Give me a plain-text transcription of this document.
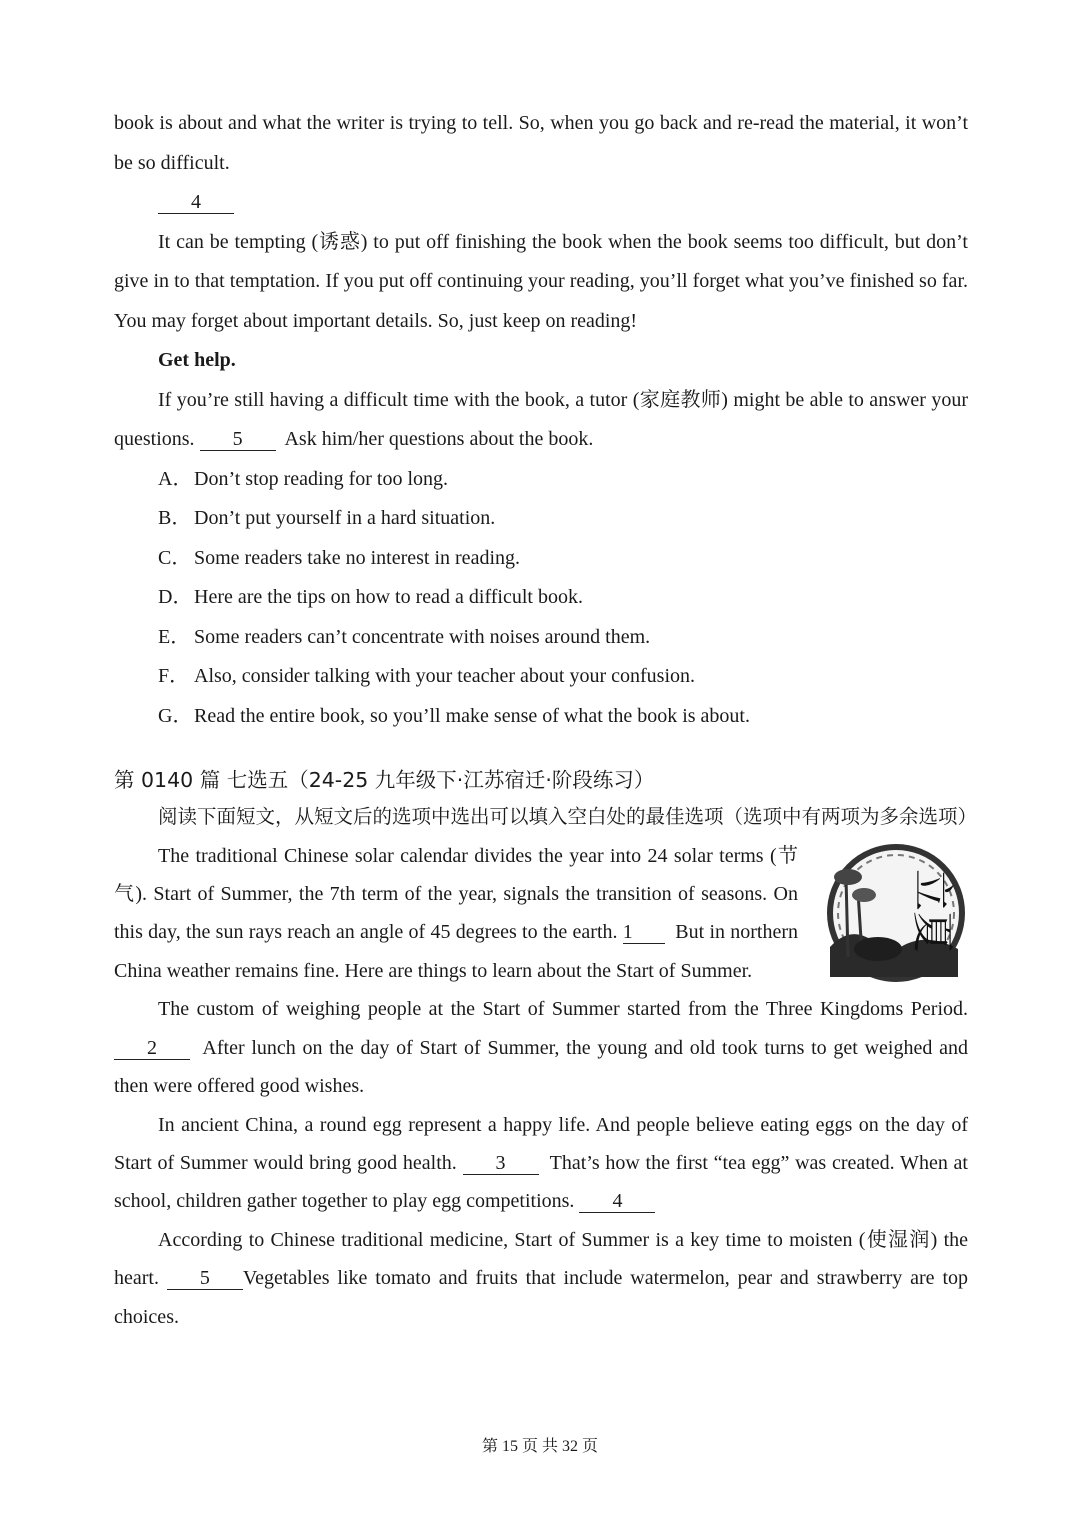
book is about and what the writer is trying to tell. So, when you go back and re-read the material, it won’t be so difficult.

4

It can be tempting (诱惑) to put off finishing the book when the book seems too difficult, but don’t give in to that temptation. If you put off continuing your reading, you’ll forget what you’ve finished so far. You may forget about important details. So, just keep on reading!

Get help.

If you’re still having a difficult time with the book, a tutor (家庭教师) might be able to answer your questions. 5 Ask him/her questions about the book.

A．Don’t stop reading for too long.

B． Don’t put yourself in a hard situation.

C． Some readers take no interest in reading.

D．Here are the tips on how to read a difficult book.

E． Some readers can’t concentrate with noises around them.

F． Also, consider talking with your teacher about your confusion.

G．Read the entire book, so you’ll make sense of what the book is about.

第 0140 篇 七选五（24-25 九年级下·江苏宿迁·阶段练习）

阅读下面短文，从短文后的选项中选出可以填入空白处的最佳选项（选项中有两项为多余选项）

立夏

The traditional Chinese solar calendar divides the year into 24 solar terms (节气). Start of Summer, the 7th term of the year, signals the transition of seasons. On this day, the sun rays reach an angle of 45 degrees to the earth. 1 But in northern China weather remains fine. Here are things to learn about the Start of Summer.

The custom of weighing people at the Start of Summer started from the Three Kingdoms Period. 2 After lunch on the day of Start of Summer, the young and old took turns to get weighed and then were offered good wishes.

In ancient China, a round egg represent a happy life. And people believe eating eggs on the day of Start of Summer would bring good health. 3 That’s how the first “tea egg” was created. When at school, children gather together to play egg competitions. 4

According to Chinese traditional medicine, Start of Summer is a key time to moisten (使湿润) the heart. 5 Vegetables like tomato and fruits that include watermelon, pear and strawberry are top choices.

第 15 页 共 32 页
